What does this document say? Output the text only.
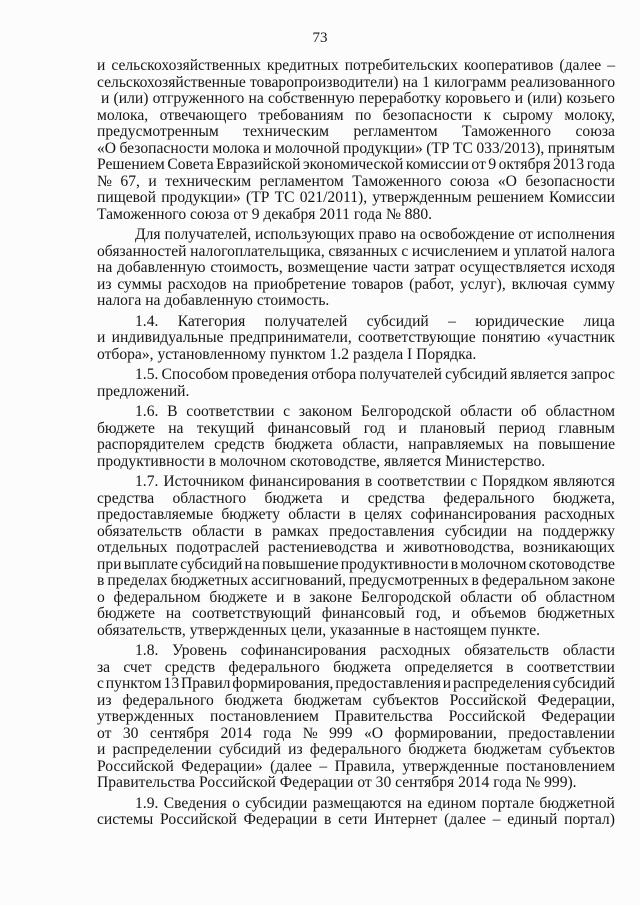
73
и сельскохозяйственных кредитных потребительских кооперативов (далее –
сельскохозяйственные товаропроизводители) на 1 килограмм реализованного
и (или) отгруженного на собственную переработку коровьего и (или) козьего
молока, отвечающего требованиям по безопасности к сырому молоку,
предусмотренным техническим регламентом Таможенного союза
«О безопасности молока и молочной продукции» (ТР ТС 033/2013), принятым
Решением Совета Евразийской экономической комиссии от 9 октября 2013 года
№ 67, и техническим регламентом Таможенного союза «О безопасности
пищевой продукции» (ТР ТС 021/2011), утвержденным решением Комиссии
Таможенного союза от 9 декабря 2011 года № 880.
Для получателей, использующих право на освобождение от исполнения
обязанностей налогоплательщика, связанных с исчислением и уплатой налога
на добавленную стоимость, возмещение части затрат осуществляется исходя
из суммы расходов на приобретение товаров (работ, услуг), включая сумму
налога на добавленную стоимость.
1.4. Категория получателей субсидий – юридические лица
и индивидуальные предприниматели, соответствующие понятию «участник
отбора», установленному пунктом 1.2 раздела I Порядка.
1.5. Способом проведения отбора получателей субсидий является запрос
предложений.
1.6. В соответствии с законом Белгородской области об областном
бюджете на текущий финансовый год и плановый период главным
распорядителем средств бюджета области, направляемых на повышение
продуктивности в молочном скотоводстве, является Министерство.
1.7. Источником финансирования в соответствии с Порядком являются
средства областного бюджета и средства федерального бюджета,
предоставляемые бюджету области в целях софинансирования расходных
обязательств области в рамках предоставления субсидии на поддержку
отдельных подотраслей растениеводства и животноводства, возникающих
при выплате субсидий на повышение продуктивности в молочном скотоводстве
в пределах бюджетных ассигнований, предусмотренных в федеральном законе
о федеральном бюджете и в законе Белгородской области об областном
бюджете на соответствующий финансовый год, и объемов бюджетных
обязательств, утвержденных цели, указанные в настоящем пункте.
1.8. Уровень софинансирования расходных обязательств области
за счет средств федерального бюджета определяется в соответствии
с пунктом 13 Правил формирования, предоставления и распределения субсидий
из федерального бюджета бюджетам субъектов Российской Федерации,
утвержденных постановлением Правительства Российской Федерации
от 30 сентября 2014 года № 999 «О формировании, предоставлении
и распределении субсидий из федерального бюджета бюджетам субъектов
Российской Федерации» (далее – Правила, утвержденные постановлением
Правительства Российской Федерации от 30 сентября 2014 года № 999).
1.9. Сведения о субсидии размещаются на едином портале бюджетной
системы Российской Федерации в сети Интернет (далее – единый портал)
